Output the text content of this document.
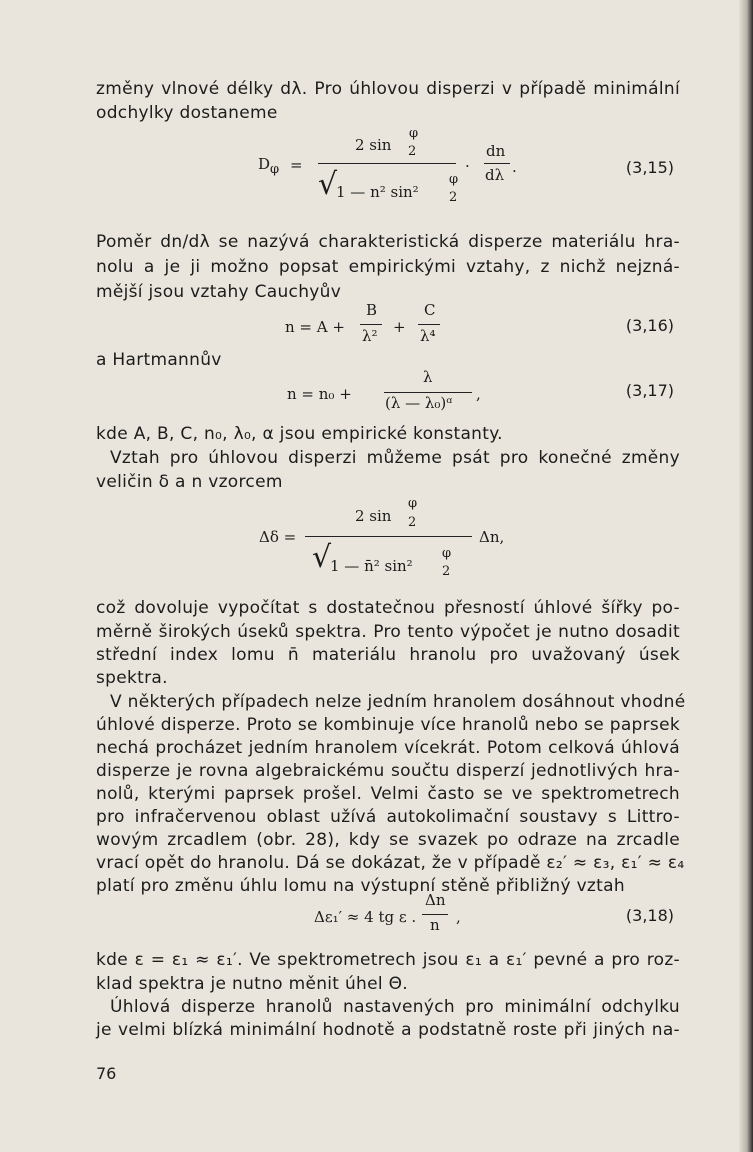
změny vlnové délky dλ. Pro úhlovou disperzi v případě minimální
odchylky dostaneme
$D_\varphi$ =
2 sin
φ
2
√
1 — n² sin²
φ
2
·
dn
dλ .	(3,15)
Poměr dn/dλ se nazývá charakteristická disperze materiálu hra-
nolu a je ji možno popsat empirickými vztahy, z nichž nejzná-
mější jsou vztahy Cauchyův
n = A +
B
λ² +
C
λ⁴
(3,16)
a Hartmannův
n = n₀ +
λ
(λ — λ₀)ᵅ ,	(3,17)
kde A, B, C, n₀, λ₀, α jsou empirické konstanty.
Vztah pro úhlovou disperzi můžeme psát pro konečné změny
veličin δ a n vzorcem
Δδ =
2 sin
φ
2
√
1 — n̄² sin²
φ
2
Δn,
což dovoluje vypočítat s dostatečnou přesností úhlové šířky po-
měrně širokých úseků spektra. Pro tento výpočet je nutno dosadit
střední index lomu n̄ materiálu hranolu pro uvažovaný úsek
spektra.
V některých případech nelze jedním hranolem dosáhnout vhodné
úhlové disperze. Proto se kombinuje více hranolů nebo se paprsek
nechá procházet jedním hranolem vícekrát. Potom celková úhlová
disperze je rovna algebraickému součtu disperzí jednotlivých hra-
nolů, kterými paprsek prošel. Velmi často se ve spektrometrech
pro infračervenou oblast užívá autokolimační soustavy s Littro-
wovým zrcadlem (obr. 28), kdy se svazek po odraze na zrcadle
vrací opět do hranolu. Dá se dokázat, že v případě ε₂′ ≈ ε₃, ε₁′ ≈ ε₄
platí pro změnu úhlu lomu na výstupní stěně přibližný vztah
Δε₁′ ≈ 4 tg ε .
Δn
n ,	(3,18)
kde ε = ε₁ ≈ ε₁′. Ve spektrometrech jsou ε₁ a ε₁′ pevné a pro roz-
klad spektra je nutno měnit úhel Θ.
Úhlová disperze hranolů nastavených pro minimální odchylku
je velmi blízká minimální hodnotě a podstatně roste při jiných na-
76
